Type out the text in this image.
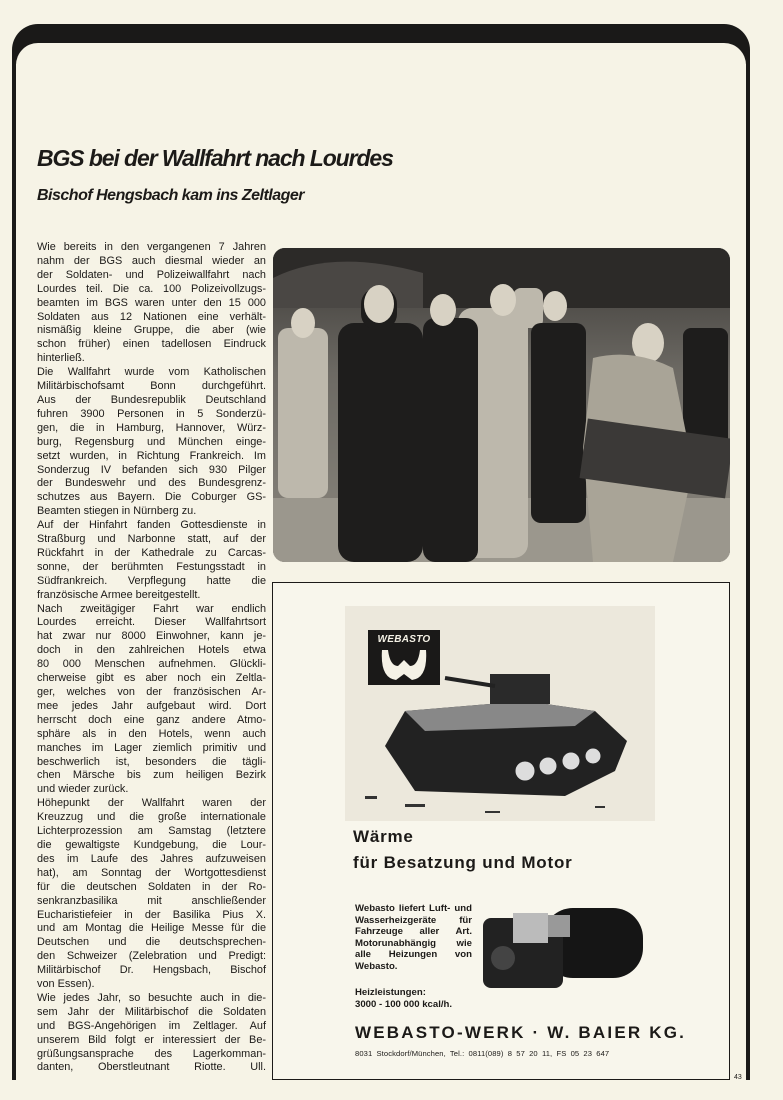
BGS bei der Wallfahrt nach Lourdes
Bischof Hengsbach kam ins Zeltlager
Wie bereits in den vergangenen 7 Jahren
nahm der BGS auch diesmal wieder an
der Soldaten- und Polizeiwallfahrt nach
Lourdes teil. Die ca. 100 Polizeivollzugs-
beamten im BGS waren unter den 15 000
Soldaten aus 12 Nationen eine verhält-
nismäßig kleine Gruppe, die aber (wie
schon früher) einen tadellosen Eindruck
hinterließ.
Die Wallfahrt wurde vom Katholischen
Militärbischofsamt Bonn durchgeführt.
Aus der Bundesrepublik Deutschland
fuhren 3900 Personen in 5 Sonderzü-
gen, die in Hamburg, Hannover, Würz-
burg, Regensburg und München einge-
setzt wurden, in Richtung Frankreich. Im
Sonderzug IV befanden sich 930 Pilger
der Bundeswehr und des Bundesgrenz-
schutzes aus Bayern. Die Coburger GS-
Beamten stiegen in Nürnberg zu.
Auf der Hinfahrt fanden Gottesdienste in
Straßburg und Narbonne statt, auf der
Rückfahrt in der Kathedrale zu Carcas-
sonne, der berühmten Festungsstadt in
Südfrankreich. Verpflegung hatte die
französische Armee bereitgestellt.
Nach zweitägiger Fahrt war endlich
Lourdes erreicht. Dieser Wallfahrtsort
hat zwar nur 8000 Einwohner, kann je-
doch in den zahlreichen Hotels etwa
80 000 Menschen aufnehmen. Glückli-
cherweise gibt es aber noch ein Zeltla-
ger, welches von der französischen Ar-
mee jedes Jahr aufgebaut wird. Dort
herrscht doch eine ganz andere Atmo-
sphäre als in den Hotels, wenn auch
manches im Lager ziemlich primitiv und
beschwerlich ist, besonders die tägli-
chen Märsche bis zum heiligen Bezirk
und wieder zurück.
Höhepunkt der Wallfahrt waren der
Kreuzzug und die große internationale
Lichterprozession am Samstag (letztere
die gewaltigste Kundgebung, die Lour-
des im Laufe des Jahres aufzuweisen
hat), am Sonntag der Wortgottesdienst
für die deutschen Soldaten in der Ro-
senkranzbasilika mit anschließender
Eucharistiefeier in der Basilika Pius X.
und am Montag die Heilige Messe für die
Deutschen und die deutschsprechen-
den Schweizer (Zelebration und Predigt:
Militärbischof Dr. Hengsbach, Bischof
von Essen).
Wie jedes Jahr, so besuchte auch in die-
sem Jahr der Militärbischof die Soldaten
und BGS-Angehörigen im Zeltlager. Auf
unserem Bild folgt er interessiert der Be-
grüßungsansprache des Lagerkomman-
danten, Oberstleutnant Riotte. Ull.
WEBASTO
Wärme
für Besatzung und Motor
Webasto liefert Luft- und Wasserheizgeräte für Fahrzeuge aller Art. Motorunabhängig wie alle Heizungen von Webasto.
Heizleistungen:
3000 - 100 000 kcal/h.
WEBASTO-WERK · W. BAIER KG.
8031 Stockdorf/München, Tel.: 0811(089) 8 57 20 11, FS 05 23 647
43
